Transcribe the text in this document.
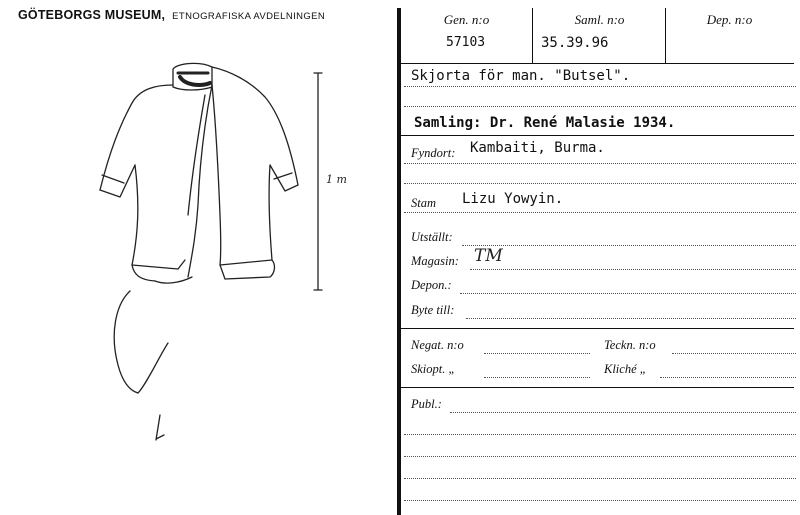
GÖTEBORGS MUSEUM, ETNOGRAFISKA AVDELNINGEN
1 m
Gen. n:o
57103
Saml. n:o
35.39.96
Dep. n:o
Skjorta för man. "Butsel".
Samling: Dr. René Malasie 1934.
Fyndort: Kambaiti, Burma.
Stam Lizu Yowyin.
Utställt:
Magasin: TM
Depon.:
Byte till:
Negat. n:o	Teckn. n:o
Skiopt. „	Kliché „
Publ.:
